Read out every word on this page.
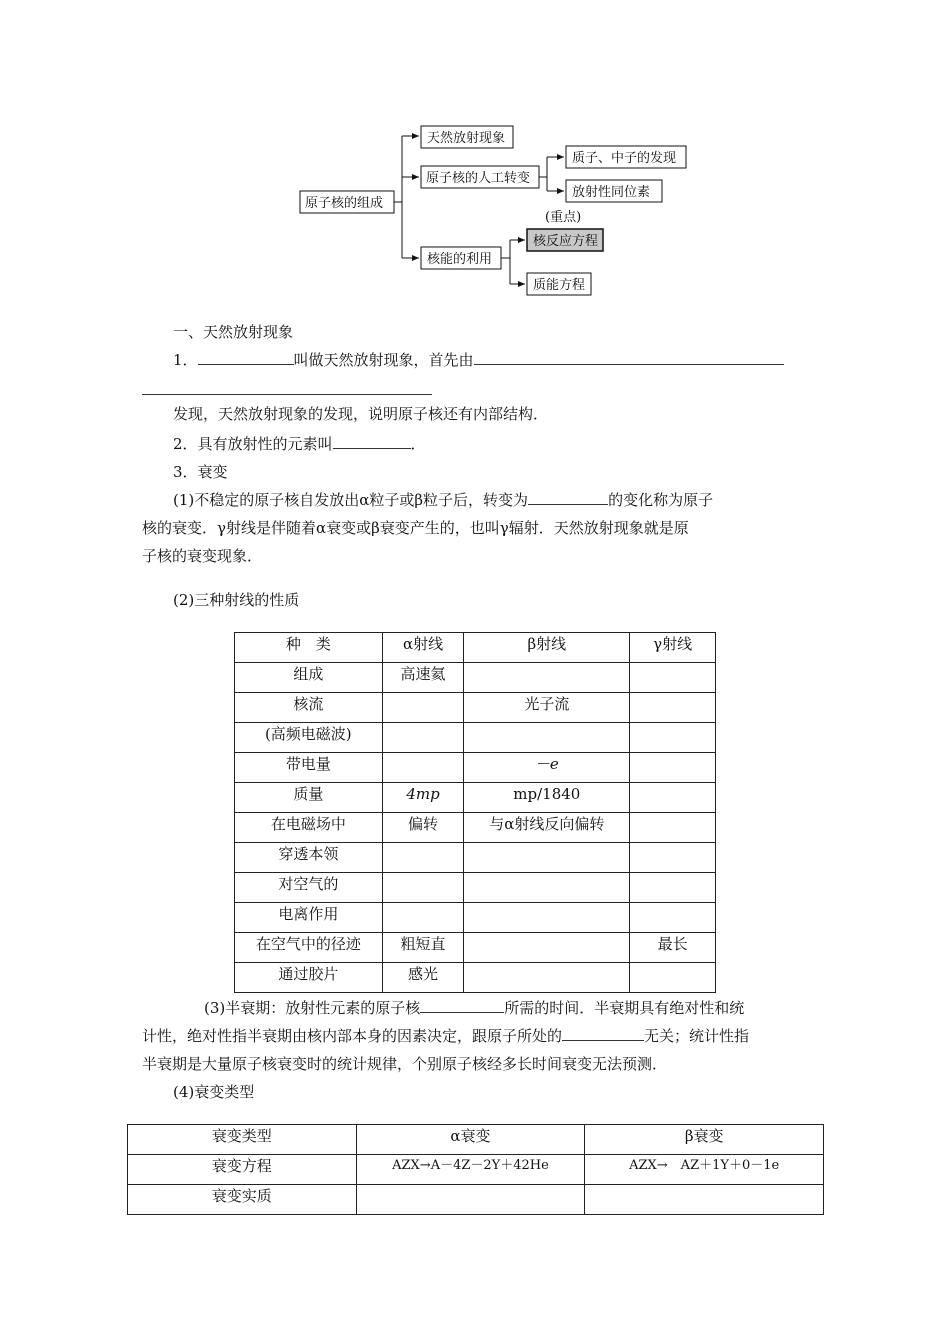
原子核的组成
天然放射现象
原子核的人工转变
质子、中子的发现
放射性同位素
核能的利用
(重点)
核反应方程
质能方程
一、天然放射现象
1．	叫做天然放射现象，首先由
发现，天然放射现象的发现，说明原子核还有内部结构．
2．具有放射性的元素叫	．
3．衰变
(1)不稳定的原子核自发放出α粒子或β粒子后，转变为	的变化称为原子
核的衰变．γ射线是伴随着α衰变或β衰变产生的，也叫γ辐射．天然放射现象就是原
子核的衰变现象．
(2)三种射线的性质
种　类	α射线	β射线	γ射线
组成	高速氦		
核流		光子流	
(高频电磁波)			
带电量		－e	
质量	4mp	mp/1840	
在电磁场中	偏转	与α射线反向偏转	
穿透本领			
对空气的			
电离作用			
在空气中的径迹	粗短直		最长
通过胶片	感光		
(3)半衰期：放射性元素的原子核	所需的时间．半衰期具有绝对性和统
计性，绝对性指半衰期由核内部本身的因素决定，跟原子所处的	无关；统计性指
半衰期是大量原子核衰变时的统计规律，个别原子核经多长时间衰变无法预测．
(4)衰变类型
衰变类型	α衰变	β衰变
衰变方程	AZX→A－4Z－2Y＋42He	AZX→　AZ＋1Y＋0－1e
衰变实质		
